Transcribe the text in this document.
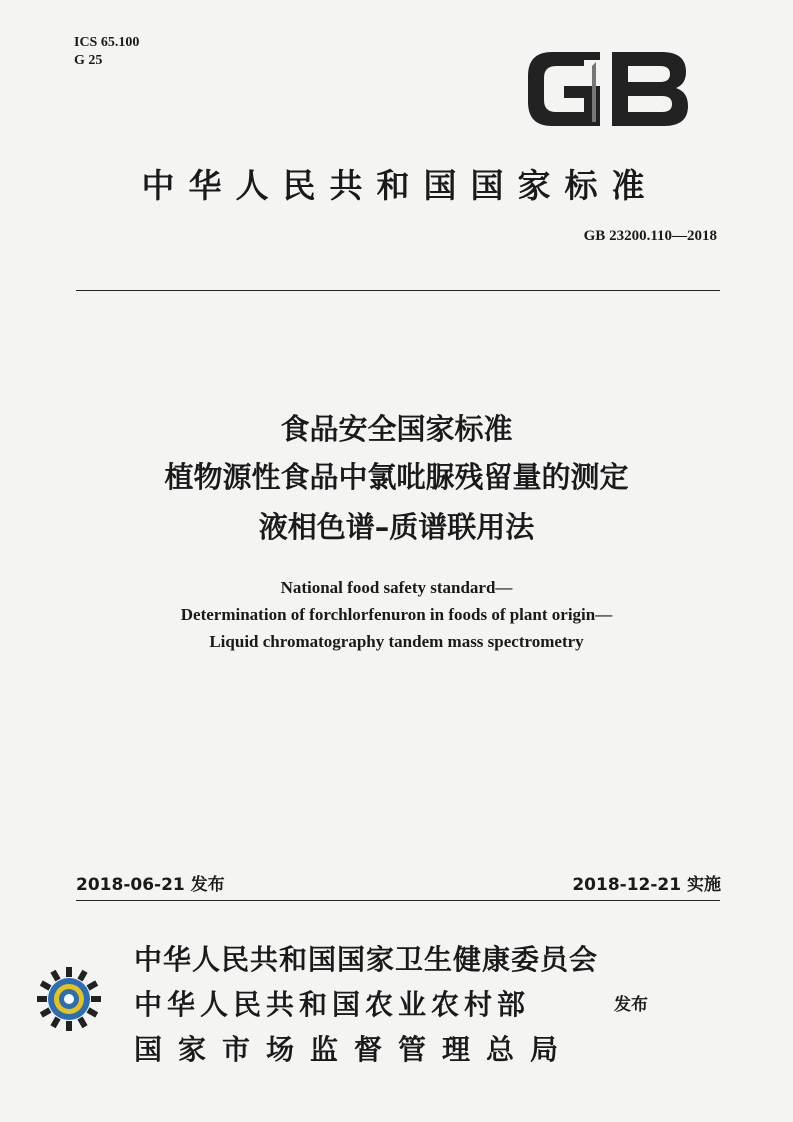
ICS 65.100
G 25
GB
中华人民共和国国家标准
GB 23200.110—2018
食品安全国家标准
植物源性食品中氯吡脲残留量的测定
液相色谱–质谱联用法
National food safety standard—
Determination of forchlorfenuron in foods of plant origin—
Liquid chromatography tandem mass spectrometry
2018-06-21 发布	2018-12-21 实施
中华人民共和国国家卫生健康委员会
中华人民共和国农业农村部
国家市场监督管理总局
发布
